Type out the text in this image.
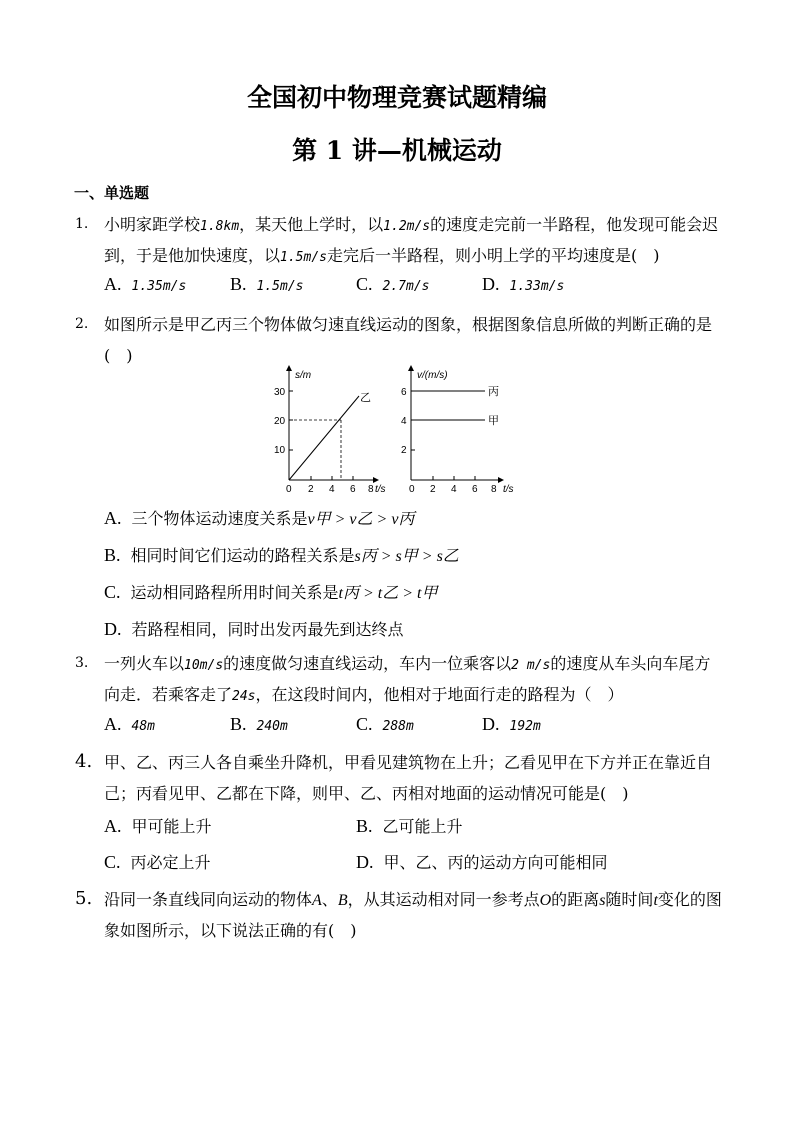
全国初中物理竞赛试题精编
第 1 讲—机械运动
一、单选题
1. 小明家距学校1.8km，某天他上学时，以1.2m/s的速度走完前一半路程，他发现可能会迟
到，于是他加快速度，以1.5m/s走完后一半路程，则小明上学的平均速度是(　)
A. 1.35m/s B. 1.5m/s	C. 2.7m/s	D. 1.33m/s
2. 如图所示是甲乙丙三个物体做匀速直线运动的图象，根据图象信息所做的判断正确的是
(　)
s/m
30
20
10
0 2 4 6 8 t/s
乙
v/(m/s)
6
4
2
0 2 4 6 8 t/s
丙
甲
A. 三个物体运动速度关系是v甲 > v乙 > v丙
B. 相同时间它们运动的路程关系是s丙 > s甲 > s乙
C. 运动相同路程所用时间关系是t丙 > t乙 > t甲
D. 若路程相同，同时出发丙最先到达终点
3. 一列火车以10m/s的速度做匀速直线运动，车内一位乘客以2 m/s的速度从车头向车尾方
向走．若乘客走了24s，在这段时间内，他相对于地面行走的路程为（　）
A. 48m	B. 240m	C. 288m	D. 192m
4. 甲、乙、丙三人各自乘坐升降机，甲看见建筑物在上升；乙看见甲在下方并正在靠近自
己；丙看见甲、乙都在下降，则甲、乙、丙相对地面的运动情况可能是(　)
A. 甲可能上升	B. 乙可能上升
C. 丙必定上升	D. 甲、乙、丙的运动方向可能相同
5. 沿同一条直线同向运动的物体A、B，从其运动相对同一参考点O的距离s随时间t变化的图
象如图所示，以下说法正确的有(　)
